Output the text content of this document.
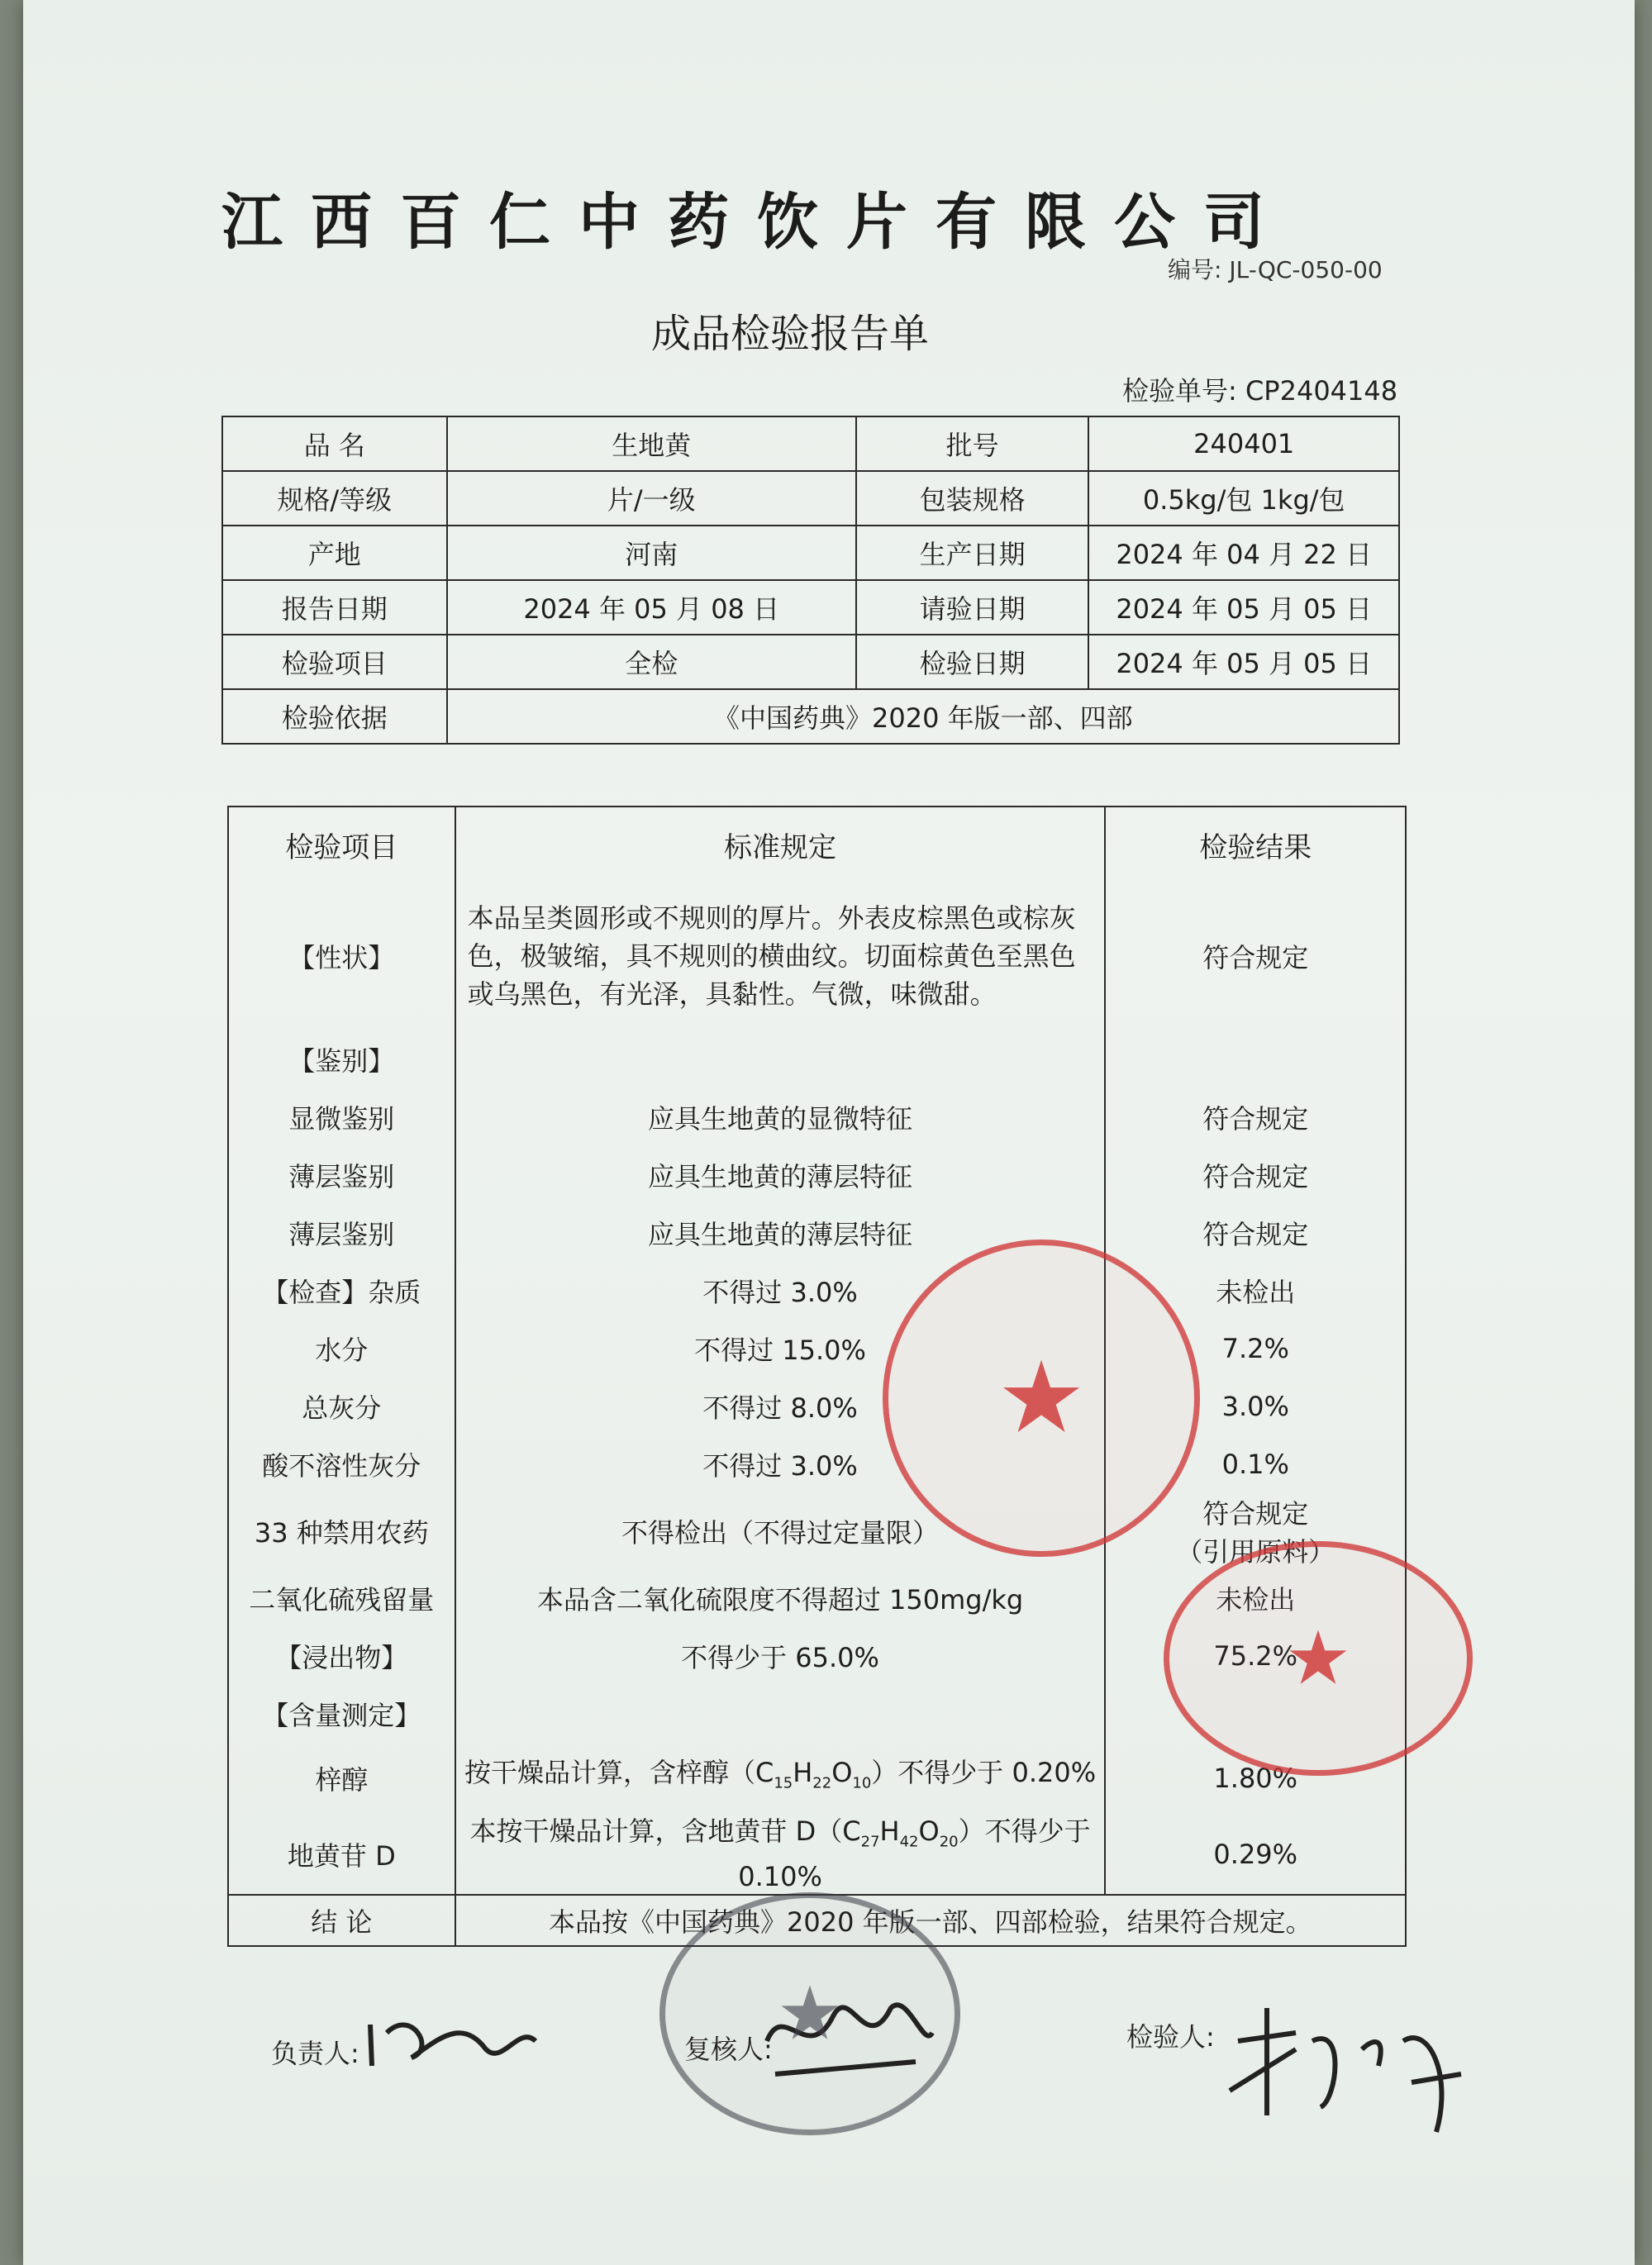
江西百仁中药饮片有限公司
编号: JL-QC-050-00
成品检验报告单
检验单号: CP2404148
品 名	生地黄	批号	240401
规格/等级	片/一级	包装规格	0.5kg/包 1kg/包
产地	河南	生产日期	2024 年 04 月 22 日
报告日期	2024 年 05 月 08 日	请验日期	2024 年 05 月 05 日
检验项目	全检	检验日期	2024 年 05 月 05 日
检验依据	《中国药典》2020 年版一部、四部		
检验项目	标准规定	检验结果
【性状】	本品呈类圆形或不规则的厚片。外表皮棕黑色或棕灰色，极皱缩，具不规则的横曲纹。切面棕黄色至黑色或乌黑色，有光泽，具黏性。气微，味微甜。	符合规定
【鉴别】		
显微鉴别	应具生地黄的显微特征	符合规定
薄层鉴别	应具生地黄的薄层特征	符合规定
薄层鉴别	应具生地黄的薄层特征	符合规定
【检查】杂质	不得过 3.0%	未检出
水分	不得过 15.0%	7.2%
总灰分	不得过 8.0%	3.0%
酸不溶性灰分	不得过 3.0%	0.1%
33 种禁用农药	不得检出（不得过定量限）	符合规定
（引用原料）

二氧化硫残留量	本品含二氧化硫限度不得超过 150mg/kg	未检出
【浸出物】	不得少于 65.0%	75.2%
【含量测定】		
梓醇	按干燥品计算，含梓醇$(C_{15}H_{22}O_{10})$不得少于 0.20%	1.80%
地黄苷 D	本按干燥品计算，含地黄苷 $D(C_{27}H_{42}O_{20})$不得少于 0.10%	0.29%
结 论	本品按《中国药典》2020 年版一部、四部检验，结果符合规定。	
负责人:	复核人:	检验人:
★
★
★
